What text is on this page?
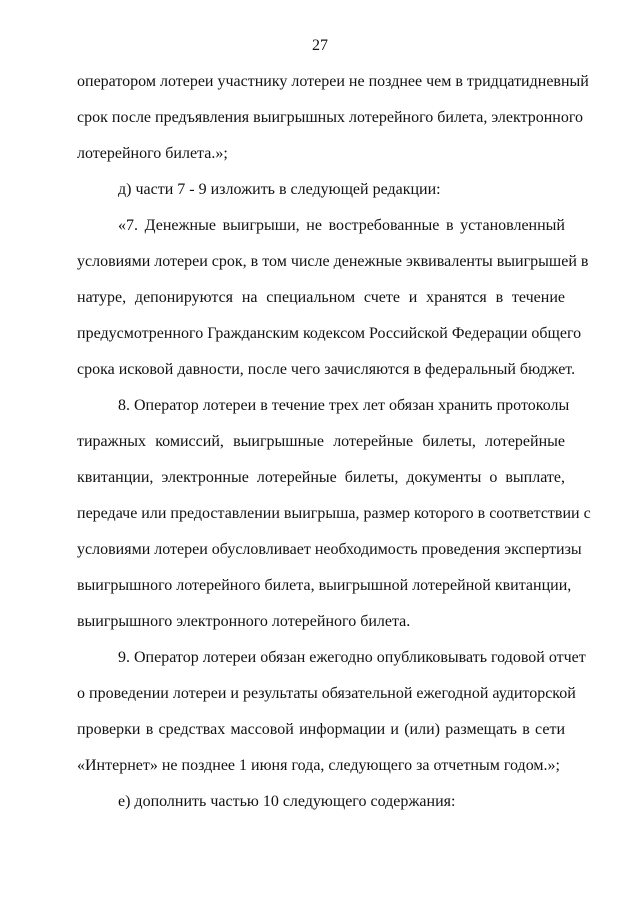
27
оператором лотереи участнику лотереи не позднее чем в тридцатидневный
срок после предъявления выигрышных лотерейного билета, электронного
лотерейного билета.»;
д) части 7 - 9 изложить в следующей редакции:
«7. Денежные выигрыши, не востребованные в установленный
условиями лотереи срок, в том числе денежные эквиваленты выигрышей в
натуре, депонируются на специальном счете и хранятся в течение
предусмотренного Гражданским кодексом Российской Федерации общего
срока исковой давности, после чего зачисляются в федеральный бюджет.
8. Оператор лотереи в течение трех лет обязан хранить протоколы
тиражных комиссий, выигрышные лотерейные билеты, лотерейные
квитанции, электронные лотерейные билеты, документы о выплате,
передаче или предоставлении выигрыша, размер которого в соответствии с
условиями лотереи обусловливает необходимость проведения экспертизы
выигрышного лотерейного билета, выигрышной лотерейной квитанции,
выигрышного электронного лотерейного билета.
9. Оператор лотереи обязан ежегодно опубликовывать годовой отчет
о проведении лотереи и результаты обязательной ежегодной аудиторской
проверки в средствах массовой информации и (или) размещать в сети
«Интернет» не позднее 1 июня года, следующего за отчетным годом.»;
е) дополнить частью 10 следующего содержания:
